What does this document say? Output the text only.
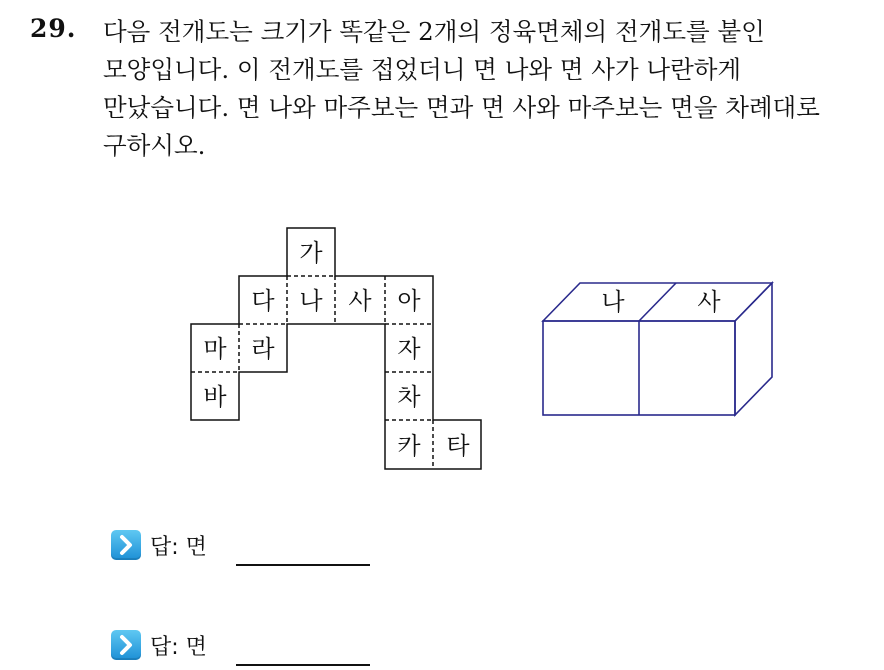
29. 다음 전개도는 크기가 똑같은 2개의 정육면체의 전개도를 붙인
모양입니다. 이 전개도를 접었더니 면 나와 면 사가 나란하게
만났습니다. 면 나와 마주보는 면과 면 사와 마주보는 면을 차례대로
구하시오.
가
다 나 사 아
마 라	자
바	차
카 타
나	사
답: 면
답: 면
